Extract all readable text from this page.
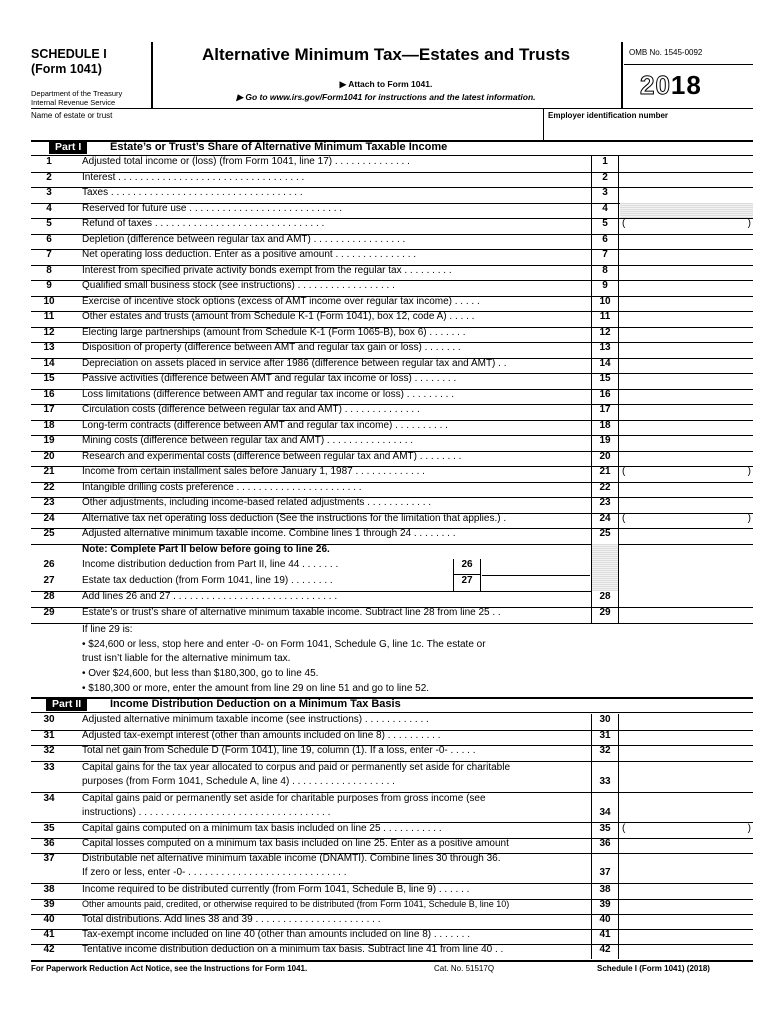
SCHEDULE I
(Form 1041)
Department of the Treasury
Internal Revenue Service
Alternative Minimum Tax—Estates and Trusts
▶ Attach to Form 1041.
▶ Go to www.irs.gov/Form1041 for instructions and the latest information.
OMB No. 1545-0092
2018
Name of estate or trust	Employer identification number
Part I	Estate’s or Trust’s Share of Alternative Minimum Taxable Income
1	Adjusted total income or (loss) (from Form 1041, line 17) . . . . . . . . . . . . . .	1
2	Interest . . . . . . . . . . . . . . . . . . . . . . . . . . . . . . . . . .	2
3	Taxes . . . . . . . . . . . . . . . . . . . . . . . . . . . . . . . . . . .	3
4	Reserved for future use . . . . . . . . . . . . . . . . . . . . . . . . . . . .	4
5	Refund of taxes . . . . . . . . . . . . . . . . . . . . . . . . . . . . . . .	5	(	)
6	Depletion (difference between regular tax and AMT) . . . . . . . . . . . . . . . . .	6
7	Net operating loss deduction. Enter as a positive amount . . . . . . . . . . . . . . .	7
8	Interest from specified private activity bonds exempt from the regular tax . . . . . . . . .	8
9	Qualified small business stock (see instructions) . . . . . . . . . . . . . . . . . .	9
10	Exercise of incentive stock options (excess of AMT income over regular tax income) . . . . .	10
11	Other estates and trusts (amount from Schedule K-1 (Form 1041), box 12, code A) . . . . .	11
12	Electing large partnerships (amount from Schedule K-1 (Form 1065-B), box 6) . . . . . . .	12
13	Disposition of property (difference between AMT and regular tax gain or loss) . . . . . . .	13
14	Depreciation on assets placed in service after 1986 (difference between regular tax and AMT) . .	14
15	Passive activities (difference between AMT and regular tax income or loss) . . . . . . . .	15
16	Loss limitations (difference between AMT and regular tax income or loss) . . . . . . . . .	16
17	Circulation costs (difference between regular tax and AMT) . . . . . . . . . . . . . .	17
18	Long-term contracts (difference between AMT and regular tax income) . . . . . . . . . .	18
19	Mining costs (difference between regular tax and AMT) . . . . . . . . . . . . . . . .	19
20	Research and experimental costs (difference between regular tax and AMT) . . . . . . . .	20
21	Income from certain installment sales before January 1, 1987 . . . . . . . . . . . . .	21	(	)
22	Intangible drilling costs preference . . . . . . . . . . . . . . . . . . . . . . .	22
23	Other adjustments, including income-based related adjustments . . . . . . . . . . . .	23
24	Alternative tax net operating loss deduction (See the instructions for the limitation that applies.) .	24	(	)
25	Adjusted alternative minimum taxable income. Combine lines 1 through 24 . . . . . . . .	25
Note: Complete Part II below before going to line 26.
26	Income distribution deduction from Part II, line 44 . . . . . . .	26
27	Estate tax deduction (from Form 1041, line 19) . . . . . . . .	27
28	Add lines 26 and 27 . . . . . . . . . . . . . . . . . . . . . . . . . . . . . .	28
29	Estate’s or trust’s share of alternative minimum taxable income. Subtract line 28 from line 25 . .	29
If line 29 is:
• $24,600 or less, stop here and enter -0- on Form 1041, Schedule G, line 1c. The estate or
trust isn’t liable for the alternative minimum tax.
• Over $24,600, but less than $180,300, go to line 45.
• $180,300 or more, enter the amount from line 29 on line 51 and go to line 52.
Part II	Income Distribution Deduction on a Minimum Tax Basis
30	Adjusted alternative minimum taxable income (see instructions) . . . . . . . . . . . .	30
31	Adjusted tax-exempt interest (other than amounts included on line 8) . . . . . . . . . .	31
32	Total net gain from Schedule D (Form 1041), line 19, column (1). If a loss, enter -0- . . . . .	32
33	Capital gains for the tax year allocated to corpus and paid or permanently set aside for charitable
purposes (from Form 1041, Schedule A, line 4) . . . . . . . . . . . . . . . . . . .	33
34	Capital gains paid or permanently set aside for charitable purposes from gross income (see
instructions) . . . . . . . . . . . . . . . . . . . . . . . . . . . . . . . . . . .	34
35	Capital gains computed on a minimum tax basis included on line 25 . . . . . . . . . . .	35	(	)
36	Capital losses computed on a minimum tax basis included on line 25. Enter as a positive amount	36
37	Distributable net alternative minimum taxable income (DNAMTI). Combine lines 30 through 36.
If zero or less, enter -0- . . . . . . . . . . . . . . . . . . . . . . . . . . . . .	37
38	Income required to be distributed currently (from Form 1041, Schedule B, line 9) . . . . . .	38
39	Other amounts paid, credited, or otherwise required to be distributed (from Form 1041, Schedule B, line 10)	39
40	Total distributions. Add lines 38 and 39 . . . . . . . . . . . . . . . . . . . . . . .	40
41	Tax-exempt income included on line 40 (other than amounts included on line 8) . . . . . . .	41
42	Tentative income distribution deduction on a minimum tax basis. Subtract line 41 from line 40 . .	42
For Paperwork Reduction Act Notice, see the Instructions for Form 1041.	Cat. No. 51517Q	Schedule I (Form 1041) (2018)
